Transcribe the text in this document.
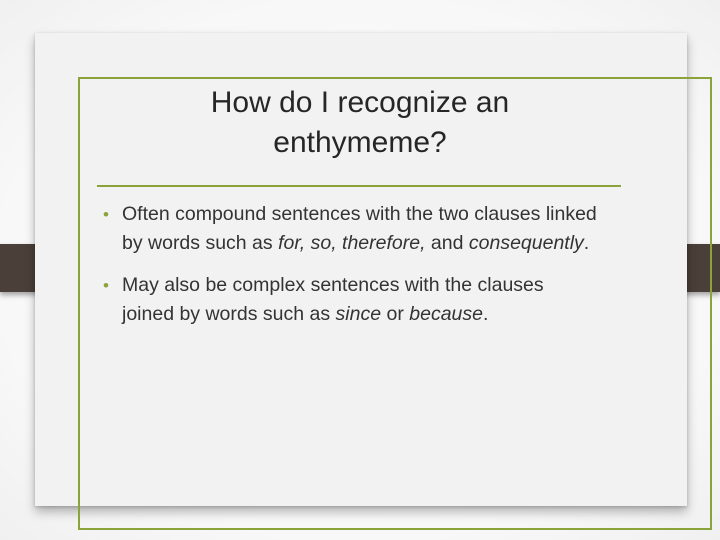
How do I recognize an enthymeme?
• Often compound sentences with the two clauses linked by words such as for, so, therefore, and consequently.
• May also be complex sentences with the clauses joined by words such as since or because.
